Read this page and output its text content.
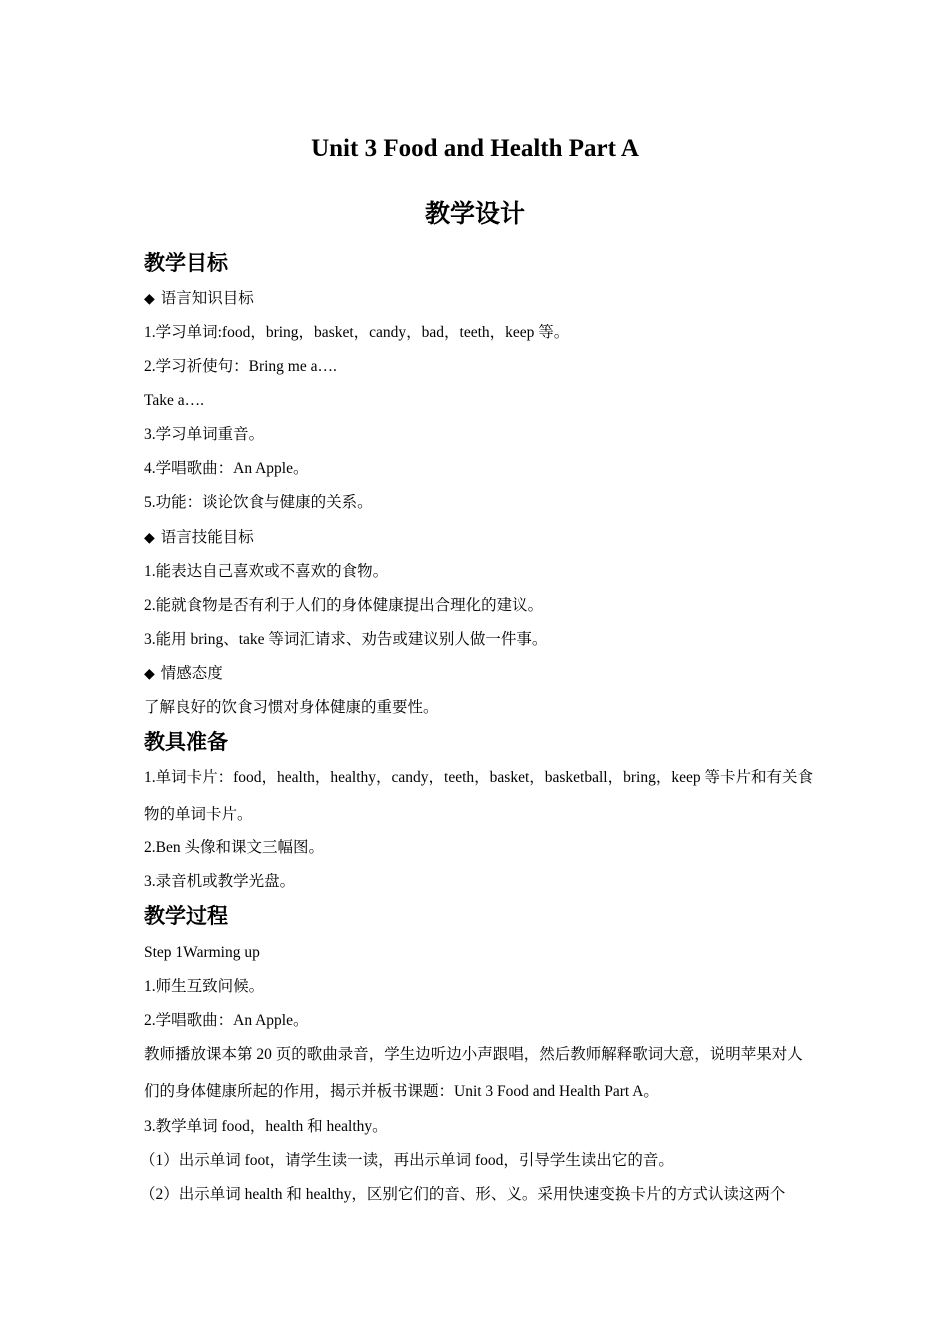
Unit 3 Food and Health Part A
教学设计
教学目标
◆ 语言知识目标
1.学习单词:food，bring，basket，candy，bad，teeth，keep 等。
2.学习祈使句：Bring me a….
Take a….
3.学习单词重音。
4.学唱歌曲：An Apple。
5.功能：谈论饮食与健康的关系。
◆ 语言技能目标
1.能表达自己喜欢或不喜欢的食物。
2.能就食物是否有利于人们的身体健康提出合理化的建议。
3.能用 bring、take 等词汇请求、劝告或建议别人做一件事。
◆ 情感态度
了解良好的饮食习惯对身体健康的重要性。
教具准备
1.单词卡片：food，health，healthy，candy，teeth，basket，basketball，bring，keep 等卡片和有关食物的单词卡片。
2.Ben 头像和课文三幅图。
3.录音机或教学光盘。
教学过程
Step 1Warming up
1.师生互致问候。
2.学唱歌曲：An Apple。
教师播放课本第 20 页的歌曲录音，学生边听边小声跟唱，然后教师解释歌词大意，说明苹果对人们的身体健康所起的作用，揭示并板书课题：Unit 3 Food and Health Part A。
3.教学单词 food，health 和 healthy。
（1）出示单词 foot，请学生读一读，再出示单词 food，引导学生读出它的音。
（2）出示单词 health 和 healthy，区别它们的音、形、义。采用快速变换卡片的方式认读这两个
